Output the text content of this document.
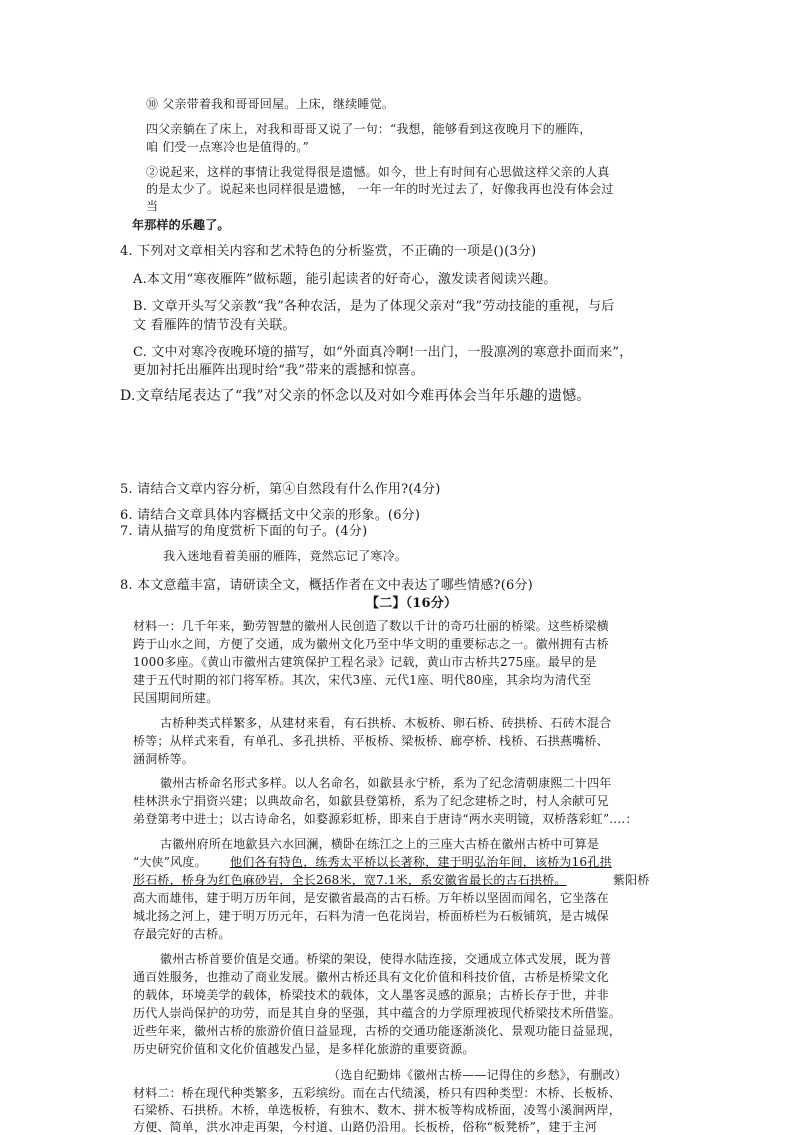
⑩ 父亲带着我和哥哥回屋。上床，继续睡觉。
四父亲躺在了床上，对我和哥哥又说了一句：“我想，能够看到这夜晚月下的雁阵，
咱 们受一点寒冷也是值得的。”
②说起来，这样的事情让我觉得很是遗憾。如今，世上有时间有心思做这样父亲的人真
的是太少了。说起来也同样很是遗憾， 一年一年的时光过去了，好像我再也没有体会过
当
年那样的乐趣了。
4. 下列对文章相关内容和艺术特色的分析鉴赏，不正确的一项是()(3分)
A.本文用“寒夜雁阵”做标题，能引起读者的好奇心，激发读者阅读兴趣。
B. 文章开头写父亲教“我”各种农活，是为了体现父亲对“我”劳动技能的重视，与后
文 看雁阵的情节没有关联。
C. 文中对寒冷夜晚环境的描写，如“外面真冷啊!一出门，一股凛冽的寒意扑面而来”，
更加衬托出雁阵出现时给“我”带来的震撼和惊喜。
D.文章结尾表达了“我”对父亲的怀念以及对如今难再体会当年乐趣的遗憾。
5. 请结合文章内容分析，第④自然段有什么作用?(4分)
6. 请结合文章具体内容概括文中父亲的形象。(6分)
7. 请从描写的角度赏析下面的句子。(4分)
我入迷地看着美丽的雁阵，竟然忘记了寒冷。
8. 本文意蕴丰富，请研读全文，概括作者在文中表达了哪些情感?(6分)
【二】（16分）
材料一：几千年来，勤劳智慧的徽州人民创造了数以千计的奇巧壮丽的桥梁。这些桥梁横
跨于山水之间，方便了交通，成为徽州文化乃至中华文明的重要标志之一。徽州拥有古桥
1000多座。《黄山市徽州古建筑保护工程名录》记载，黄山市古桥共275座。最早的是
建于五代时期的祁门将军桥。其次，宋代3座、元代1座、明代80座，其余均为清代至
民国期间所建。
古桥种类式样繁多，从建材来看，有石拱桥、木板桥、卵石桥、砖拱桥、石砖木混合
桥等；从样式来看，有单孔、多孔拱桥、平板桥、梁板桥、廊亭桥、栈桥、石拱燕嘴桥、
涵洞桥等。
徽州古桥命名形式多样。以人名命名，如歙县永宁桥，系为了纪念清朝康熙二十四年
桂林洪永宁捐资兴建；以典故命名，如歙县登第桥，系为了纪念建桥之时，村人余献可兄
弟登第考中进士；以古诗命名，如婺源彩虹桥，即来自于唐诗“两水夹明镜，双桥落彩虹”.…：
古徽州府所在地歙县六水回澜，横卧在练江之上的三座大古桥在徽州古桥中可算是
“大侠”风度。 他们各有特色，练秀太平桥以长著称，建于明弘治年间，该桥为16孔拱
形石桥，桥身为红色麻砂岩，全长268米，宽7.1米，系安徽省最长的古石拱桥。	紫阳桥
高大而雄伟，建于明万历年间，是安徽省最高的古石桥。万年桥以坚固而闻名，它坐落在
城北扬之河上，建于明万历元年，石料为清一色花岗岩，桥面桥栏为石板铺筑，是古城保
存最完好的古桥。
徽州古桥首要价值是交通。桥梁的架设，使得水陆连接，交通成立体式发展，既为普
通百姓服务，也推动了商业发展。徽州古桥还具有文化价值和科技价值，古桥是桥梁文化
的载体，环境美学的载体，桥梁技术的载体，文人墨客灵感的源泉；古桥长存于世，并非
历代人崇尚保护的功劳，而是其自身的坚强，其中蕴含的力学原理被现代桥梁技术所借鉴。
近些年来，徽州古桥的旅游价值日益显现，古桥的交通功能逐渐淡化、景观功能日益显现，
历史研究价值和文化价值越发凸显，是多样化旅游的重要资源。
（选自纪勤炜《徽州古桥——记得住的乡愁》，有删改）
材料二：桥在现代种类繁多，五彩缤纷。而在古代绩溪，桥只有四种类型：木桥、长板桥、
石梁桥、石拱桥。木桥，单选板桥，有独木、数木、拼木板等构成桥面，凌驾小溪涧两岸，
方便、简单，洪水冲走再架，今村道、山路仍沿用。长板桥，俗称“板凳桥”，建于主河
